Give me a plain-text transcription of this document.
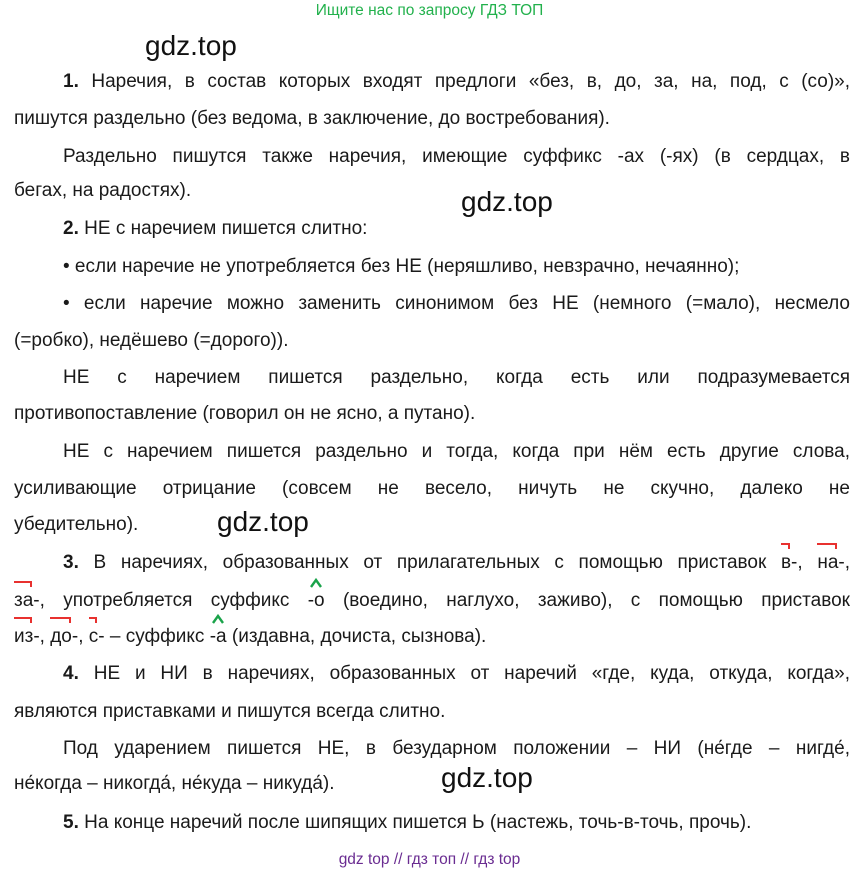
Ищите нас по запросу ГДЗ ТОП
gdz.top
gdz.top
gdz.top
gdz.top
1. Наречия, в состав которых входят предлоги «без, в, до, за, на, под, с (со)»,
пишутся раздельно (без ведома, в заключение, до востребования).
Раздельно пишутся также наречия, имеющие суффикс -ах (-ях) (в сердцах, в
бегах, на радостях).
2. НЕ с наречием пишется слитно:
• если наречие не употребляется без НЕ (неряшливо, невзрачно, нечаянно);
• если наречие можно заменить синонимом без НЕ (немного (=мало), несмело
(=робко), недёшево (=дорого)).
НЕ с наречием пишется раздельно, когда есть или подразумевается
противопоставление (говорил он не ясно, а путано).
НЕ с наречием пишется раздельно и тогда, когда при нём есть другие слова,
усиливающие отрицание (совсем не весело, ничуть не скучно, далеко не
убедительно).
3. В наречиях, образованных от прилагательных с помощью приставок в-, на-,
за-, употребляется суффикс -о (воедино, наглухо, заживо), с помощью приставок
из-,
до-,
с- – суффикс -а (издавна, дочиста, сызнова).
4. НЕ и НИ в наречиях, образованных от наречий «где, куда, откуда, когда»,
являются приставками и пишутся всегда слитно.
Под ударением пишется НЕ, в безударном положении – НИ (не́где – нигде́,
не́когда – никогда́, не́куда – никуда́).
5. На конце наречий после шипящих пишется Ь (настежь, точь-в-точь, прочь).
gdz top // гдз топ // гдз top
